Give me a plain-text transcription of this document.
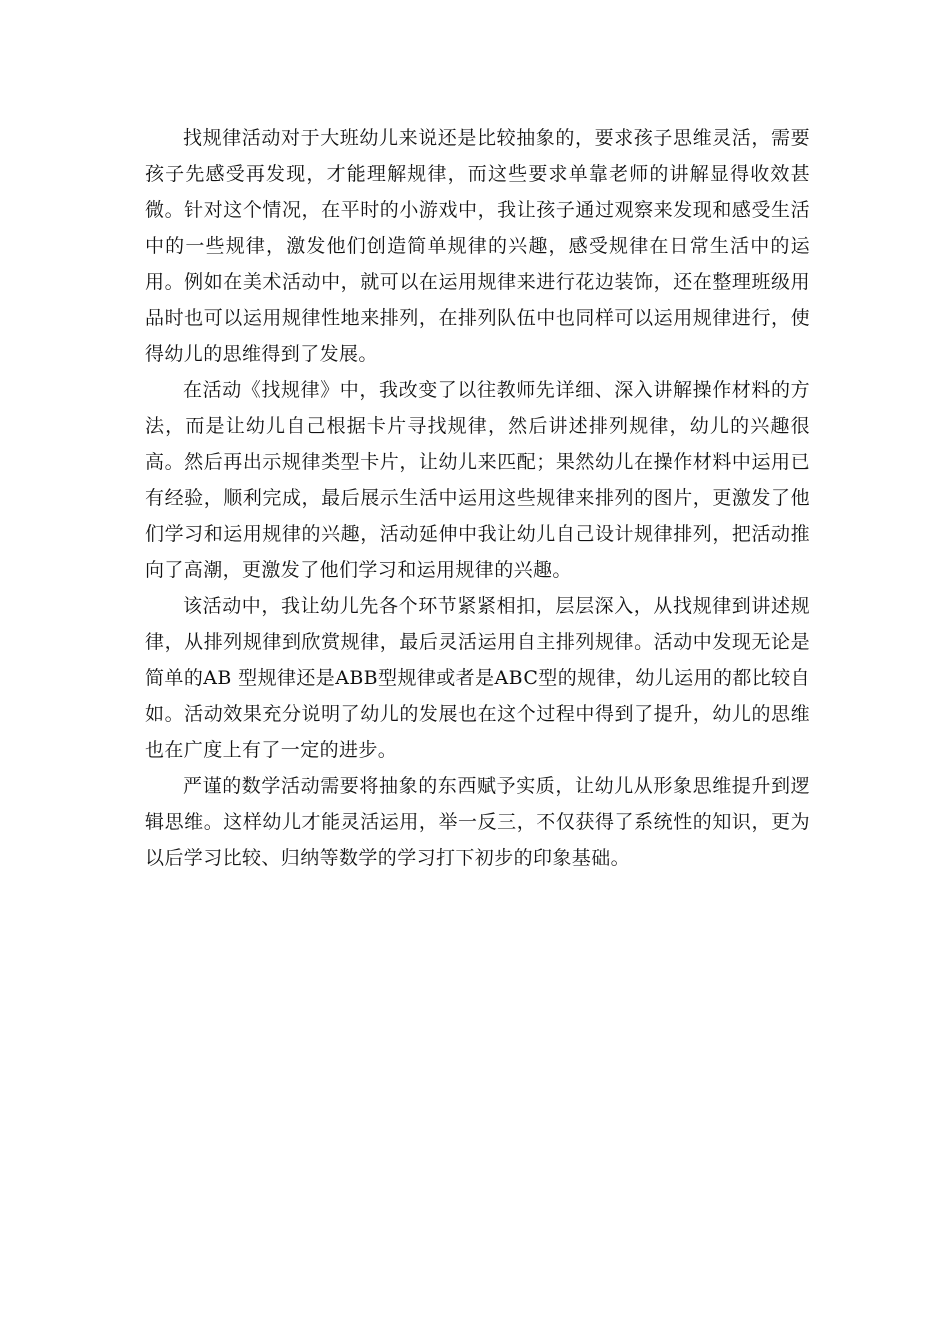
找规律活动对于大班幼儿来说还是比较抽象的，要求孩子思维灵活，需要孩子先感受再发现，才能理解规律，而这些要求单靠老师的讲解显得收效甚微。针对这个情况，在平时的小游戏中，我让孩子通过观察来发现和感受生活中的一些规律，激发他们创造简单规律的兴趣，感受规律在日常生活中的运用。例如在美术活动中，就可以在运用规律来进行花边装饰，还在整理班级用品时也可以运用规律性地来排列，在排列队伍中也同样可以运用规律进行，使得幼儿的思维得到了发展。

在活动《找规律》中，我改变了以往教师先详细、深入讲解操作材料的方法，而是让幼儿自己根据卡片寻找规律，然后讲述排列规律，幼儿的兴趣很高。然后再出示规律类型卡片，让幼儿来匹配；果然幼儿在操作材料中运用已有经验，顺利完成，最后展示生活中运用这些规律来排列的图片，更激发了他们学习和运用规律的兴趣，活动延伸中我让幼儿自己设计规律排列，把活动推向了高潮，更激发了他们学习和运用规律的兴趣。

该活动中，我让幼儿先各个环节紧紧相扣，层层深入，从找规律到讲述规律，从排列规律到欣赏规律，最后灵活运用自主排列规律。活动中发现无论是简单的AB 型规律还是ABB型规律或者是ABC型的规律，幼儿运用的都比较自如。活动效果充分说明了幼儿的发展也在这个过程中得到了提升，幼儿的思维也在广度上有了一定的进步。

严谨的数学活动需要将抽象的东西赋予实质，让幼儿从形象思维提升到逻辑思维。这样幼儿才能灵活运用，举一反三，不仅获得了系统性的知识，更为以后学习比较、归纳等数学的学习打下初步的印象基础。
